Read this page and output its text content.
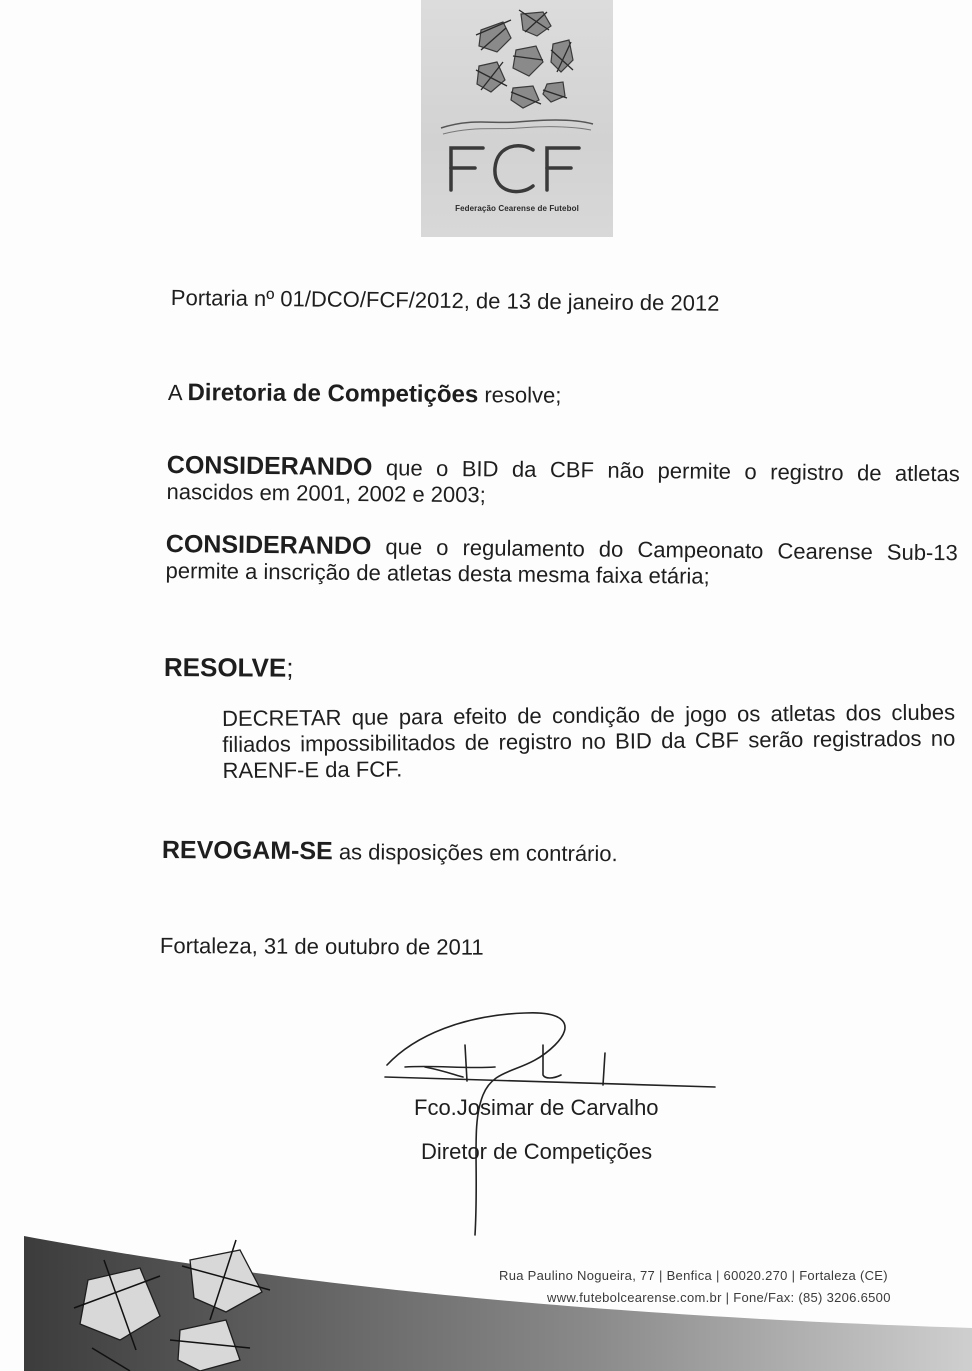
Federação Cearense de Futebol
Portaria nº 01/DCO/FCF/2012, de 13 de janeiro de 2012
A Diretoria de Competições resolve;
CONSIDERANDO que o BID da CBF não permite o registro de atletas nascidos em 2001, 2002 e 2003;
CONSIDERANDO que o regulamento do Campeonato Cearense Sub-13 permite a inscrição de atletas desta mesma faixa etária;
RESOLVE;
DECRETAR que para efeito de condição de jogo os atletas dos clubes filiados impossibilitados de registro no BID da CBF serão registrados no RAENF-E da FCF.
REVOGAM-SE as disposições em contrário.
Fortaleza, 31 de outubro de 2011
Fco.Josimar de Carvalho
Diretor de Competições
Rua Paulino Nogueira, 77 | Benfica | 60020.270 | Fortaleza (CE)
www.futebolcearense.com.br | Fone/Fax: (85) 3206.6500
